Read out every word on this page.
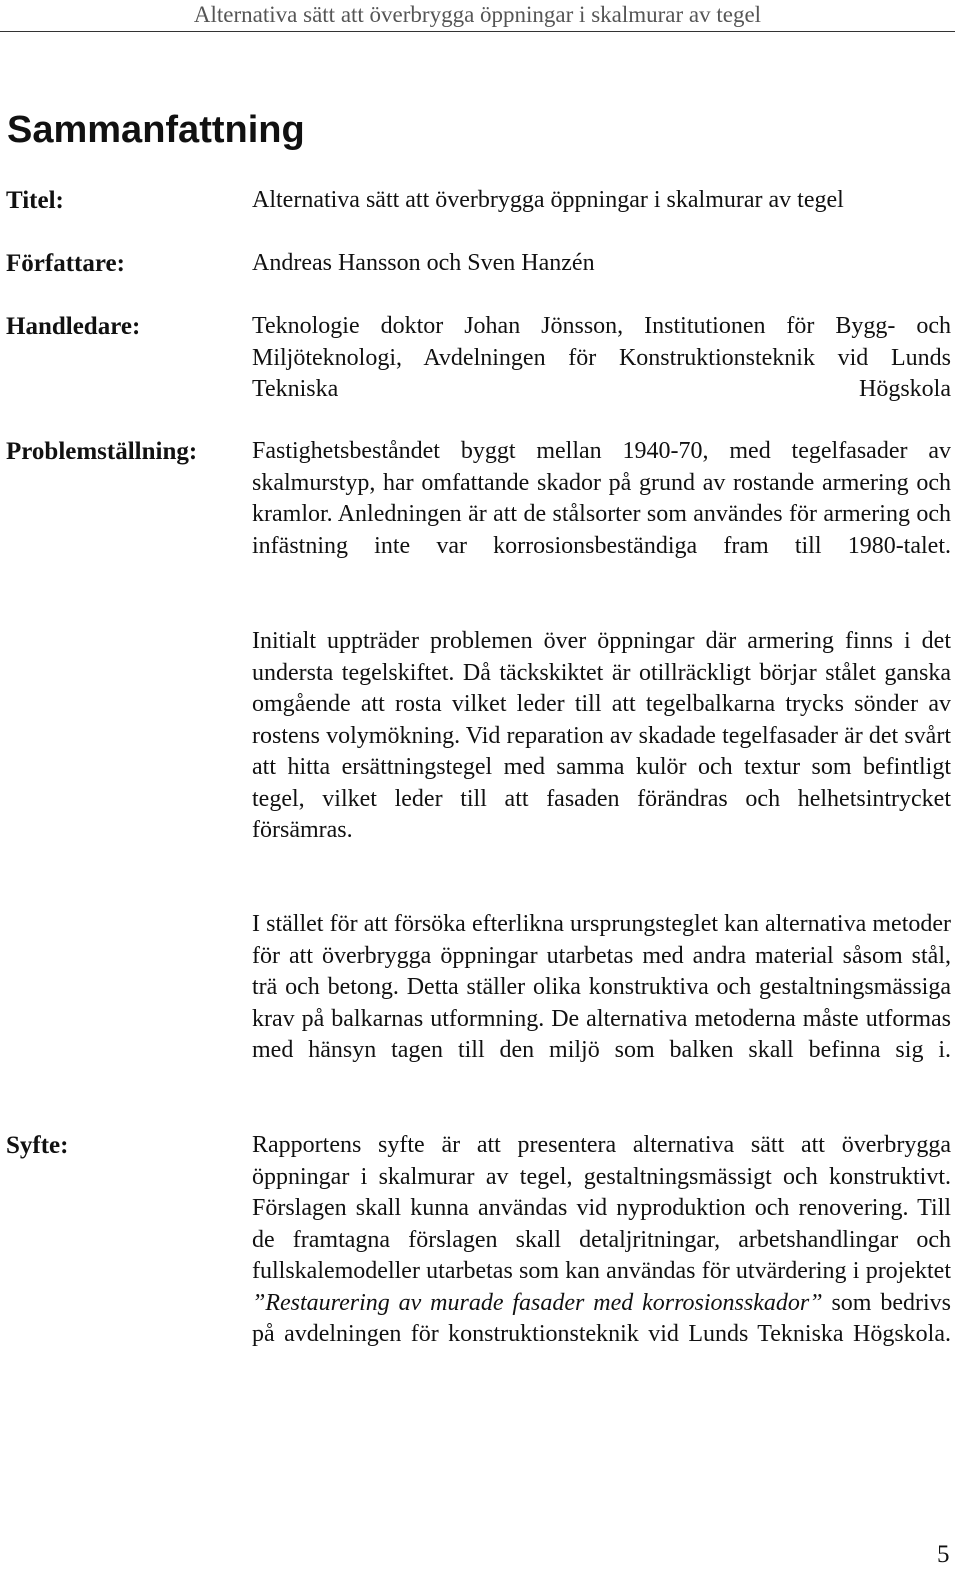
Alternativa sätt att överbrygga öppningar i skalmurar av tegel
Sammanfattning
Titel:	Alternativa sätt att överbrygga öppningar i skalmurar av tegel

Författare:	Andreas Hansson och Sven Hanzén

Handledare:	Teknologie doktor Johan Jönsson, Institutionen för Bygg- och Miljöteknologi, Avdelningen för Konstruktionsteknik vid Lunds Tekniska Högskola

Problemställning: Fastighetsbeståndet byggt mellan 1940-70, med tegelfasader av skalmurstyp, har omfattande skador på grund av rostande armering och kramlor. Anledningen är att de stålsorter som användes för armering och infästning inte var korrosionsbeständiga fram till 1980-talet.

Initialt uppträder problemen över öppningar där armering finns i det understa tegelskiftet. Då täckskiktet är otillräckligt börjar stålet ganska omgående att rosta vilket leder till att tegelbalkarna trycks sönder av rostens volymökning. Vid reparation av skadade tegelfasader är det svårt att hitta ersättningstegel med samma kulör och textur som befintligt tegel, vilket leder till att fasaden förändras och helhetsintrycket försämras.

I stället för att försöka efterlikna ursprungsteglet kan alternativa metoder för att överbrygga öppningar utarbetas med andra material såsom stål, trä och betong. Detta ställer olika konstruktiva och gestaltningsmässiga krav på balkarnas utformning. De alternativa metoderna måste utformas med hänsyn tagen till den miljö som balken skall befinna sig i.

Syfte:	Rapportens syfte är att presentera alternativa sätt att överbrygga öppningar i skalmurar av tegel, gestaltningsmässigt och konstruktivt. Förslagen skall kunna användas vid nyproduktion och renovering. Till de framtagna förslagen skall detaljritningar, arbetshandlingar och fullskalemodeller utarbetas som kan användas för utvärdering i projektet ”Restaurering av murade fasader med korrosionsskador” som bedrivs på avdelningen för konstruktionsteknik vid Lunds Tekniska Högskola.

5
